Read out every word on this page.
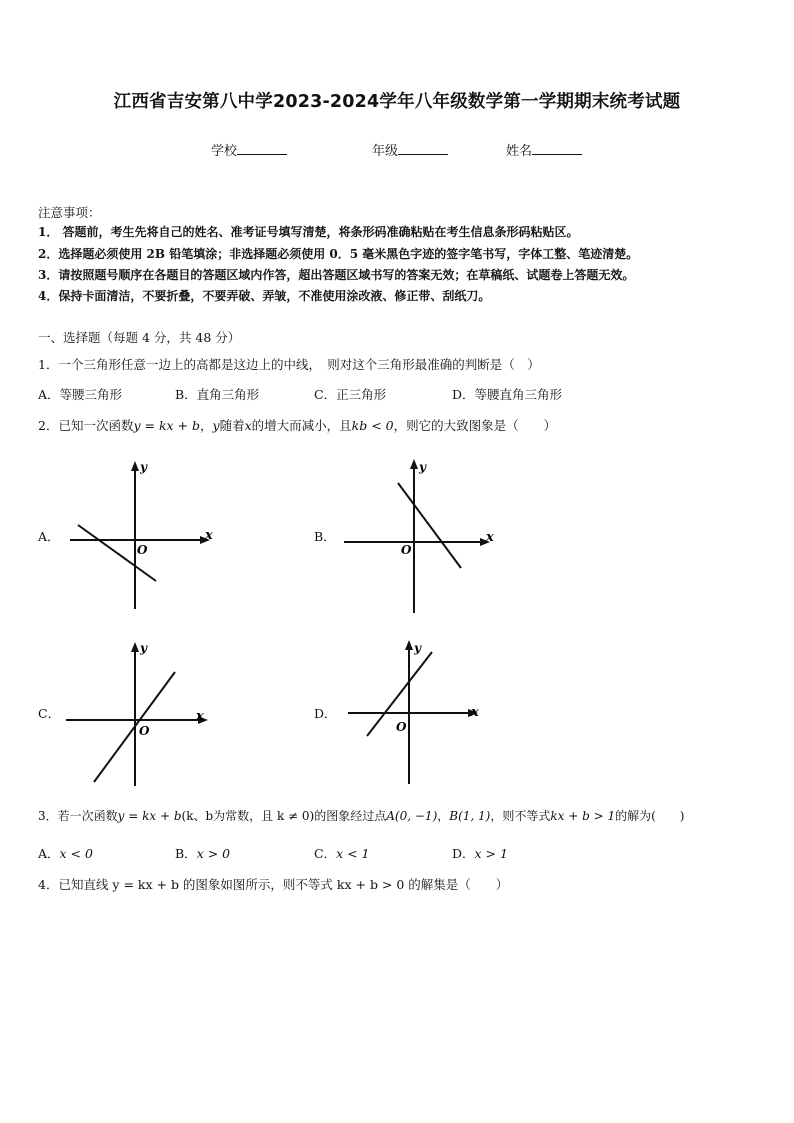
江西省吉安第八中学2023-2024学年八年级数学第一学期期末统考试题
学校	年级	姓名
注意事项：
1． 答题前，考生先将自己的姓名、准考证号填写清楚，将条形码准确粘贴在考生信息条形码粘贴区。
2．选择题必须使用 2B 铅笔填涂；非选择题必须使用 0．5 毫米黑色字迹的签字笔书写，字体工整、笔迹清楚。
3．请按照题号顺序在各题目的答题区域内作答，超出答题区域书写的答案无效；在草稿纸、试题卷上答题无效。
4．保持卡面清洁，不要折叠，不要弄破、弄皱，不准使用涂改液、修正带、刮纸刀。
一、选择题（每题 4 分，共 48 分）
1．一个三角形任意一边上的高都是这边上的中线，　则对这个三角形最准确的判断是（　）
A．等腰三角形	B．直角三角形	C．正三角形	D．等腰直角三角形
2．已知一次函数y = kx + b，y随着x的增大而减小，且kb < 0，则它的大致图象是（　　）
A．	B．
C．	D．
x
y
O
x
y
O
x
y
O
x
y
O
3．若一次函数y = kx + b(k、b为常数，且 k ≠ 0)的图象经过点A(0, −1)，B(1, 1)，则不等式kx + b > 1的解为(　　)
A．x < 0	B．x > 0	C．x < 1	D．x > 1
4．已知直线 y = kx + b 的图象如图所示，则不等式 kx + b > 0 的解集是（　　）
